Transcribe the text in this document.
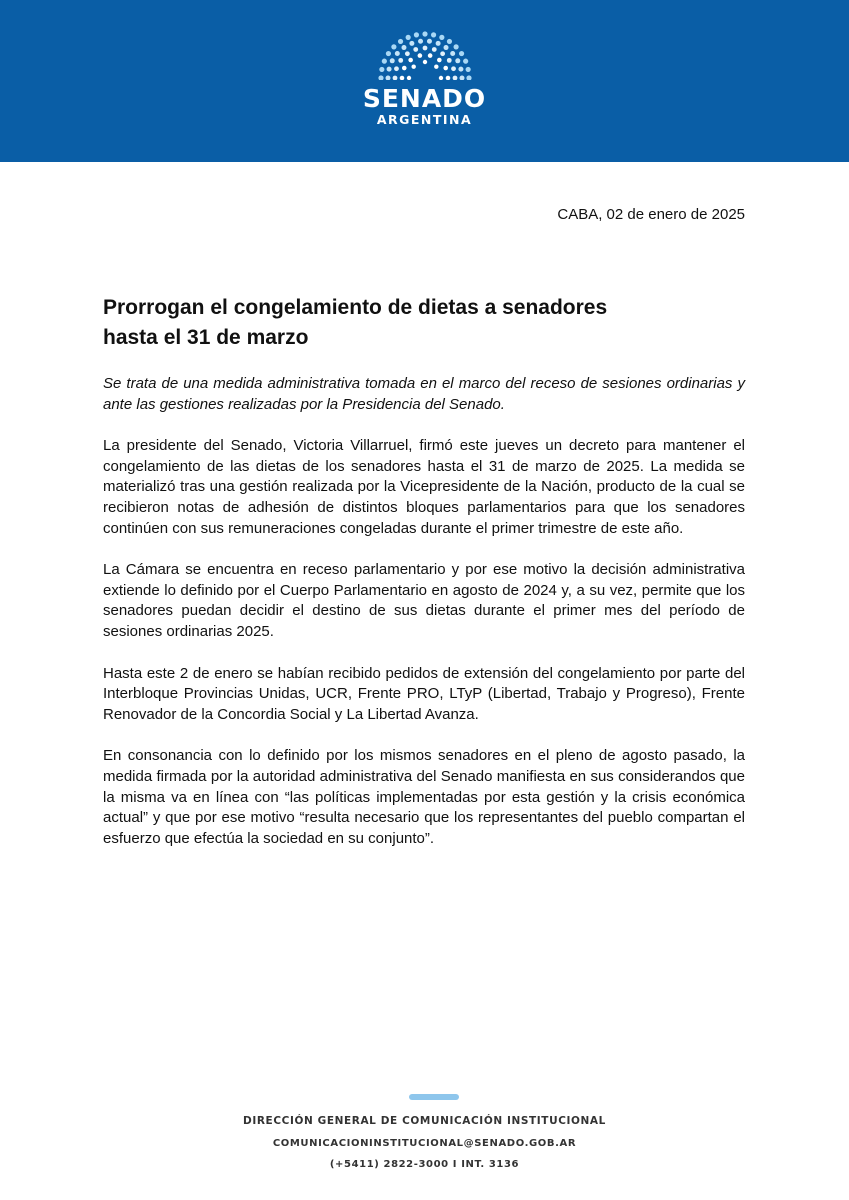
SENADO
ARGENTINA
CABA, 02 de enero de 2025
Prorrogan el congelamiento de dietas a senadores
hasta el 31 de marzo

Se trata de una medida administrativa tomada en el marco del receso de sesiones ordinarias y ante las gestiones realizadas por la Presidencia del Senado.

La presidente del Senado, Victoria Villarruel, firmó este jueves un decreto para mantener el congelamiento de las dietas de los senadores hasta el 31 de marzo de 2025. La medida se materializó tras una gestión realizada por la Vicepresidente de la Nación, producto de la cual se recibieron notas de adhesión de distintos bloques parlamentarios para que los senadores continúen con sus remuneraciones congeladas durante el primer trimestre de este año.

La Cámara se encuentra en receso parlamentario y por ese motivo la decisión administrativa extiende lo definido por el Cuerpo Parlamentario en agosto de 2024 y, a su vez, permite que los senadores puedan decidir el destino de sus dietas durante el primer mes del período de sesiones ordinarias 2025.

Hasta este 2 de enero se habían recibido pedidos de extensión del congelamiento por parte del Interbloque Provincias Unidas, UCR, Frente PRO, LTyP (Libertad, Trabajo y Progreso), Frente Renovador de la Concordia Social y La Libertad Avanza.

En consonancia con lo definido por los mismos senadores en el pleno de agosto pasado, la medida firmada por la autoridad administrativa del Senado manifiesta en sus considerandos que la misma va en línea con “las políticas implementadas por esta gestión y la crisis económica actual” y que por ese motivo “resulta necesario que los representantes del pueblo compartan el esfuerzo que efectúa la sociedad en su conjunto”.

DIRECCIÓN GENERAL DE COMUNICACIÓN INSTITUCIONAL
COMUNICACIONINSTITUCIONAL@SENADO.GOB.AR
(+5411) 2822-3000 I INT. 3136
